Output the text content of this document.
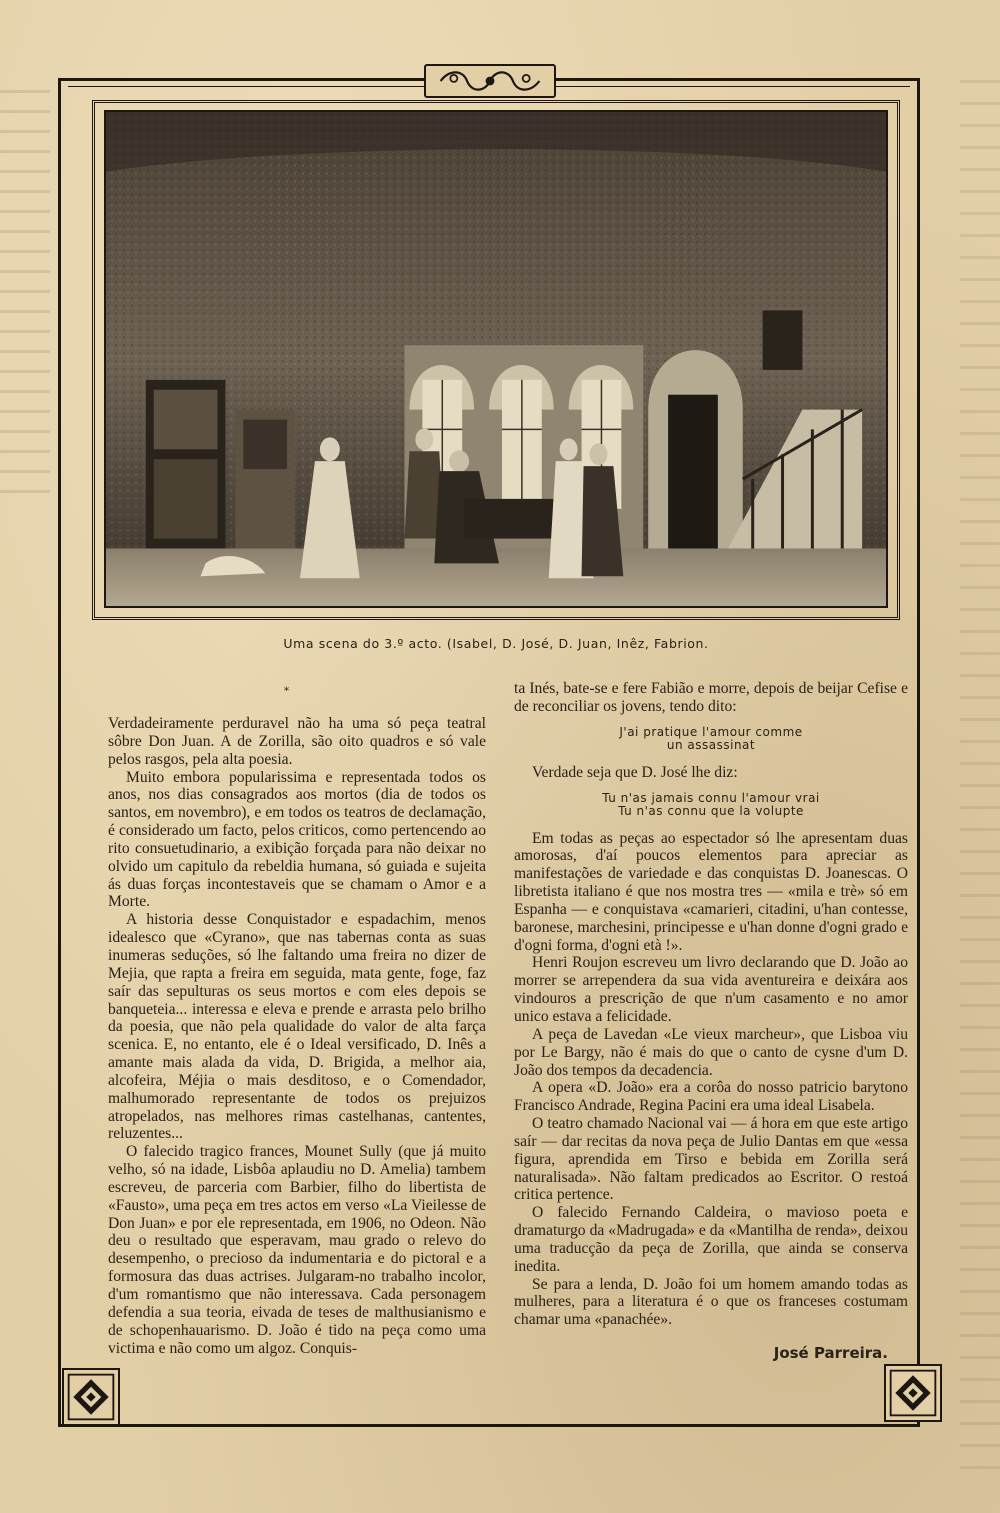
Uma scena do 3.º acto. (Isabel, D. José, D. Juan, Inêz, Fabrion.
*

Verdadeiramente perduravel não ha uma só peça teatral sôbre Don Juan. A de Zorilla, são oito quadros e só vale pelos rasgos, pela alta poesia.

Muito embora popularissima e representada todos os anos, nos dias consagrados aos mortos (dia de todos os santos, em novembro), e em todos os teatros de declamação, é considerado um facto, pelos criticos, como pertencendo ao rito consuetudinario, a exibição forçada para não deixar no olvido um capitulo da rebeldia humana, só guiada e sujeita ás duas forças incontestaveis que se chamam o Amor e a Morte.

A historia desse Conquistador e espadachim, menos idealesco que «Cyrano», que nas tabernas conta as suas inumeras seduções, só lhe faltando uma freira no dizer de Mejia, que rapta a freira em seguida, mata gente, foge, faz saír das sepulturas os seus mortos e com eles depois se banqueteia... interessa e eleva e prende e arrasta pelo brilho da poesia, que não pela qualidade do valor de alta farça scenica. E, no entanto, ele é o Ideal versificado, D. Inês a amante mais alada da vida, D. Brigida, a melhor aia, alcofeira, Méjia o mais desditoso, e o Comendador, malhumorado representante de todos os prejuizos atropelados, nas melhores rimas castelhanas, cantentes, reluzentes...

O falecido tragico frances, Mounet Sully (que já muito velho, só na idade, Lisbôa aplaudiu no D. Amelia) tambem escreveu, de parceria com Barbier, filho do libertista de «Fausto», uma peça em tres actos em verso «La Vieilesse de Don Juan» e por ele representada, em 1906, no Odeon. Não deu o resultado que esperavam, mau grado o relevo do desempenho, o precioso da indumentaria e do pictoral e a formosura das duas actrises. Julgaram-no trabalho incolor, d'um romantismo que não interessava. Cada personagem defendia a sua teoria, eivada de teses de malthusianismo e de schopenhauarismo. D. João é tido na peça como uma victima e não como um algoz. Conquis-

ta Inés, bate-se e fere Fabião e morre, depois de beijar Cefise e de reconciliar os jovens, tendo dito:

J'ai pratique l'amour comme
un assassinat

Verdade seja que D. José lhe diz:

Tu n'as jamais connu l'amour vrai
Tu n'as connu que la volupte

Em todas as peças ao espectador só lhe apresentam duas amorosas, d'aí poucos elementos para apreciar as manifestações de variedade e das conquistas D. Joanescas. O libretista italiano é que nos mostra tres — «mila e trè» só em Espanha — e conquistava «camarieri, citadini, u'han contesse, baronese, marchesini, principesse e u'han donne d'ogni grado e d'ogni forma, d'ogni età !».

Henri Roujon escreveu um livro declarando que D. João ao morrer se arrependera da sua vida aventureira e deixára aos vindouros a prescrição de que n'um casamento e no amor unico estava a felicidade.

A peça de Lavedan «Le vieux marcheur», que Lisboa viu por Le Bargy, não é mais do que o canto de cysne d'um D. João dos tempos da decadencia.

A opera «D. João» era a corôa do nosso patricio barytono Francisco Andrade, Regina Pacini era uma ideal Lisabela.

O teatro chamado Nacional vai — á hora em que este artigo saír — dar recitas da nova peça de Julio Dantas em que «essa figura, aprendida em Tirso e bebida em Zorilla será naturalisada». Não faltam predicados ao Escritor. O restoá critica pertence.

O falecido Fernando Caldeira, o mavioso poeta e dramaturgo da «Madrugada» e da «Mantilha de renda», deixou uma traducção da peça de Zorilla, que ainda se conserva inedita.

Se para a lenda, D. João foi um homem amando todas as mulheres, para a literatura é o que os franceses costumam chamar uma «panachée».

José Parreira.
